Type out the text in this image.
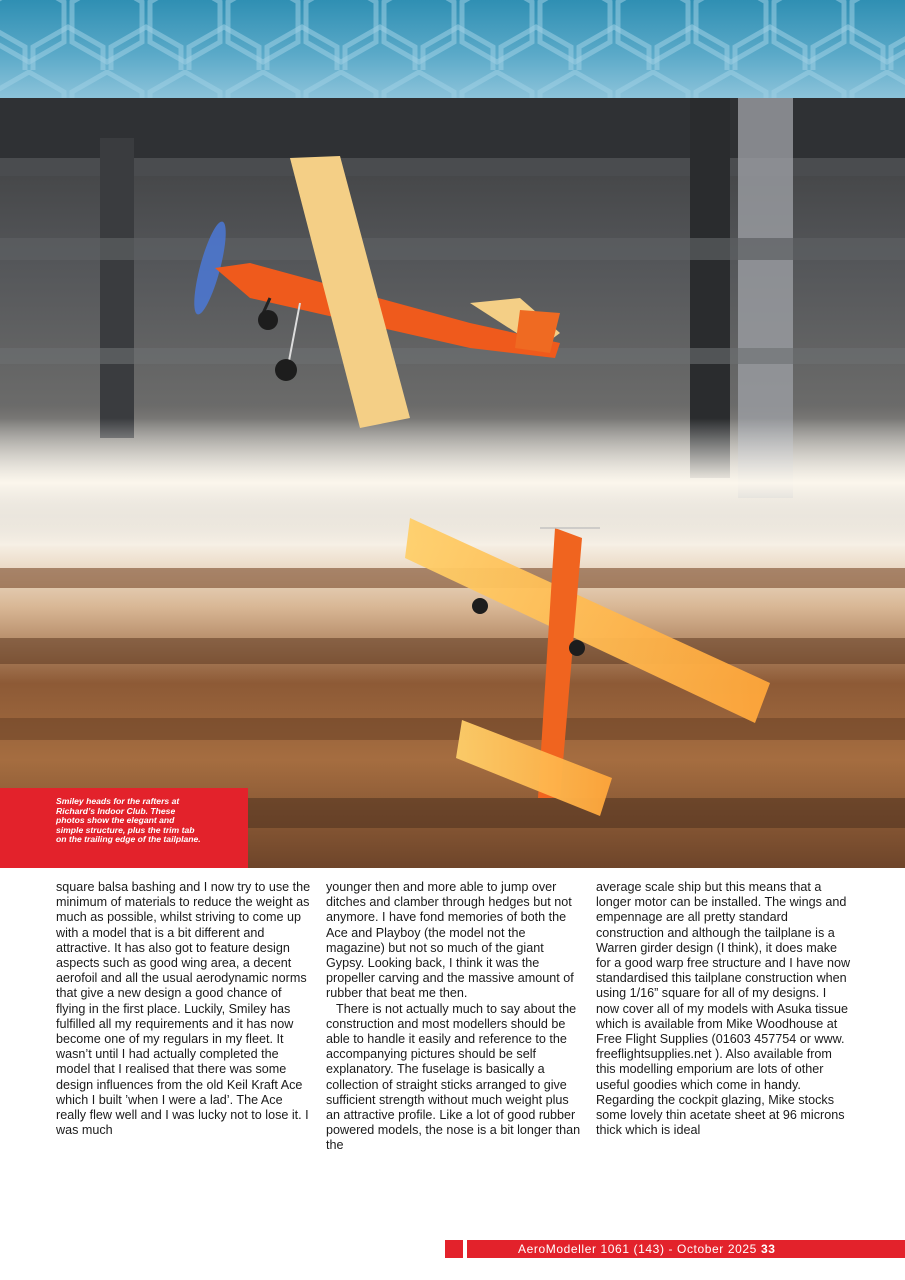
Smiley heads for the rafters at
Richard’s Indoor Club. These
photos show the elegant and
simple structure, plus the trim tab
on the trailing edge of the tailplane.

square balsa bashing and I now try to use the minimum of materials to reduce the weight as much as possible, whilst striving to come up with a model that is a bit different and attractive. It has also got to feature design aspects such as good wing area, a decent aerofoil and all the usual aerodynamic norms that give a new design a good chance of flying in the first place. Luckily, Smiley has fulfilled all my requirements and it has now become one of my regulars in my fleet. It wasn’t until I had actually completed the model that I realised that there was some design influences from the old Keil Kraft Ace which I built ’when I were a lad’. The Ace really flew well and I was lucky not to lose it. I was much

younger then and more able to jump over ditches and clamber through hedges but not anymore. I have fond memories of both the Ace and Playboy (the model not the magazine) but not so much of the giant Gypsy. Looking back, I think it was the propeller carving and the massive amount of rubber that beat me then.

There is not actually much to say about the construction and most modellers should be able to handle it easily and reference to the accompanying pictures should be self explanatory. The fuselage is basically a collection of straight sticks arranged to give sufficient strength without much weight plus an attractive profile. Like a lot of good rubber powered models, the nose is a bit longer than the

average scale ship but this means that a longer motor can be installed. The wings and empennage are all pretty standard construction and although the tailplane is a Warren girder design (I think), it does make for a good warp free structure and I have now standardised this tailplane construction when using 1/16” square for all of my designs. I now cover all of my models with Asuka tissue which is available from Mike Woodhouse at Free Flight Supplies (01603 457754 or www. freeflightsupplies.net ). Also available from this modelling emporium are lots of other useful goodies which come in handy. Regarding the cockpit glazing, Mike stocks some lovely thin acetate sheet at 96 microns thick which is ideal

AeroModeller 1061 (143) - October 2025 33
